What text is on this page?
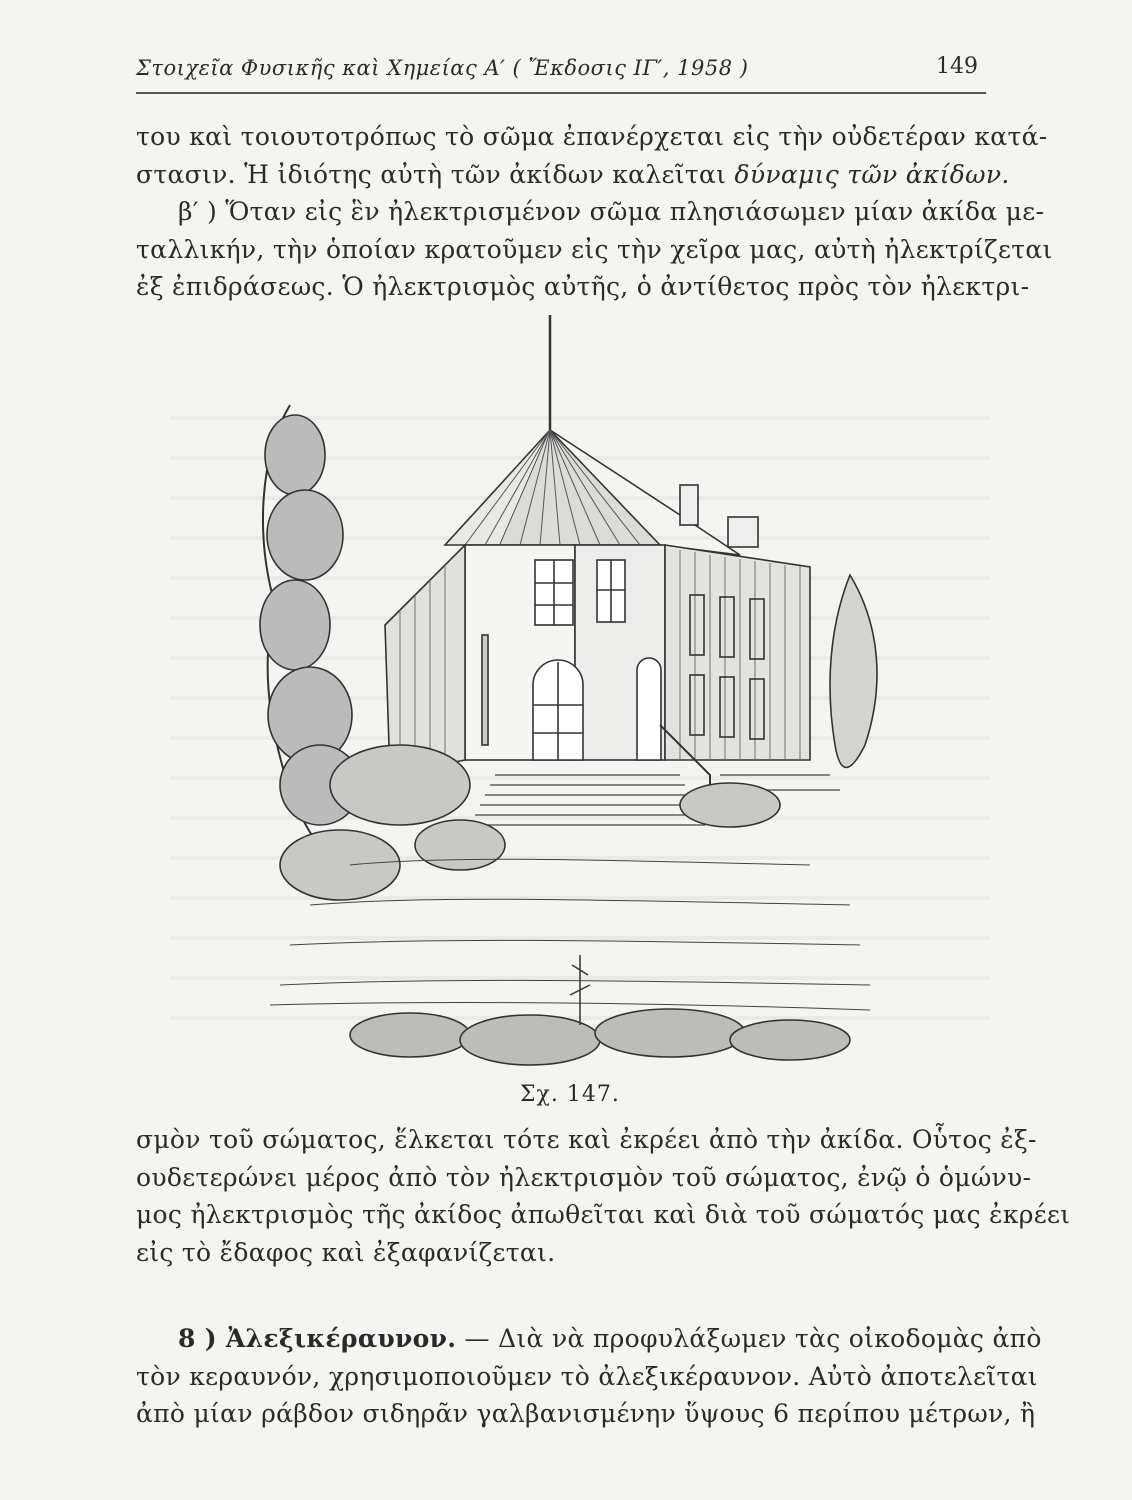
Στοιχεῖα Φυσικῆς καὶ Χημείας Α′ ( Ἔκδοσις ΙΓ′, 1958 )	149
του καὶ τοιουτοτρόπως τὸ σῶμα ἐπανέρχεται εἰς τὴν οὐδετέραν κατά-
στασιν. Ἡ ἰδιότης αὐτὴ τῶν ἀκίδων καλεῖται δύναμις τῶν ἀκίδων.
β′ ) Ὅταν εἰς ἓν ἠλεκτρισμένον σῶμα πλησιάσωμεν μίαν ἀκίδα με-
ταλλικήν, τὴν ὁποίαν κρατοῦμεν εἰς τὴν χεῖρα μας, αὐτὴ ἠλεκτρίζεται
ἐξ ἐπιδράσεως. Ὁ ἠλεκτρισμὸς αὐτῆς, ὁ ἀντίθετος πρὸς τὸν ἠλεκτρι-
Σχ. 147.
σμὸν τοῦ σώματος, ἕλκεται τότε καὶ ἐκρέει ἀπὸ τὴν ἀκίδα. Οὗτος ἐξ-
ουδετερώνει μέρος ἀπὸ τὸν ἠλεκτρισμὸν τοῦ σώματος, ἐνῷ ὁ ὁμώνυ-
μος ἠλεκτρισμὸς τῆς ἀκίδος ἀπωθεῖται καὶ διὰ τοῦ σώματός μας ἐκρέει
εἰς τὸ ἔδαφος καὶ ἐξαφανίζεται.
8 ) Ἀλεξικέραυνον. — Διὰ νὰ προφυλάξωμεν τὰς οἰκοδομὰς ἀπὸ
τὸν κεραυνόν, χρησιμοποιοῦμεν τὸ ἀλεξικέραυνον. Αὐτὸ ἀποτελεῖται
ἀπὸ μίαν ράβδον σιδηρᾶν γαλβανισμένην ὕψους 6 περίπου μέτρων, ἢ
